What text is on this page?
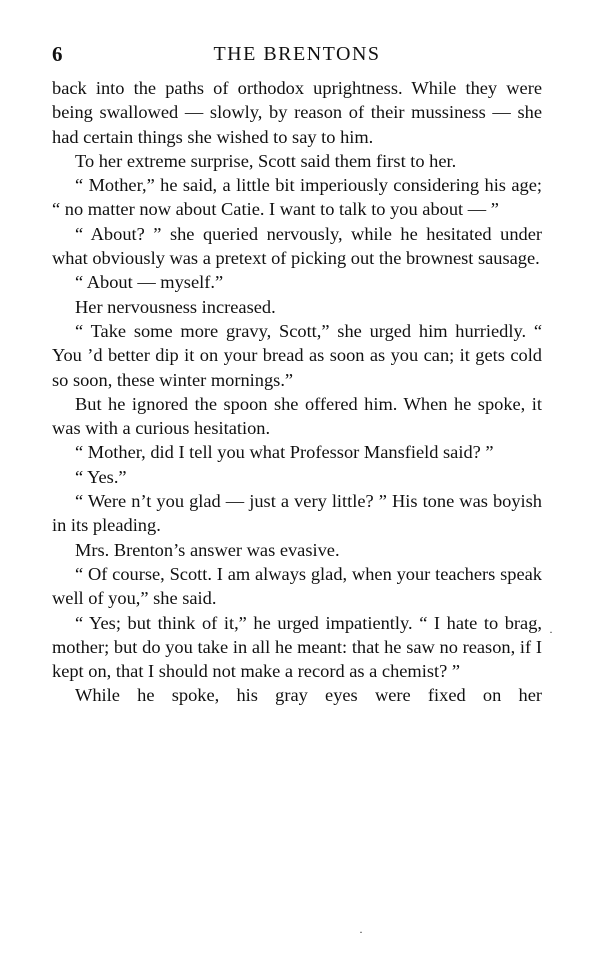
6	THE BRENTONS

back into the paths of orthodox uprightness. While they were being swallowed — slowly, by reason of their mussiness — she had certain things she wished to say to him.

To her extreme surprise, Scott said them first to her.

“ Mother,” he said, a little bit imperiously considering his age; “ no matter now about Catie. I want to talk to you about — ”

“ About? ” she queried nervously, while he hesitated under what obviously was a pretext of picking out the brownest sausage.

“ About — myself.”

Her nervousness increased.

“ Take some more gravy, Scott,” she urged him hurriedly. “ You ’d better dip it on your bread as soon as you can; it gets cold so soon, these winter mornings.”

But he ignored the spoon she offered him. When he spoke, it was with a curious hesitation.

“ Mother, did I tell you what Professor Mansfield said? ”

“ Yes.”

“ Were n’t you glad — just a very little? ” His tone was boyish in its pleading.

Mrs. Brenton’s answer was evasive.

“ Of course, Scott. I am always glad, when your teachers speak well of you,” she said.

“ Yes; but think of it,” he urged impatiently. “ I hate to brag, mother; but do you take in all he meant: that he saw no reason, if I kept on, that I should not make a record as a chemist? ”

While he spoke, his gray eyes were fixed on her

·
·
